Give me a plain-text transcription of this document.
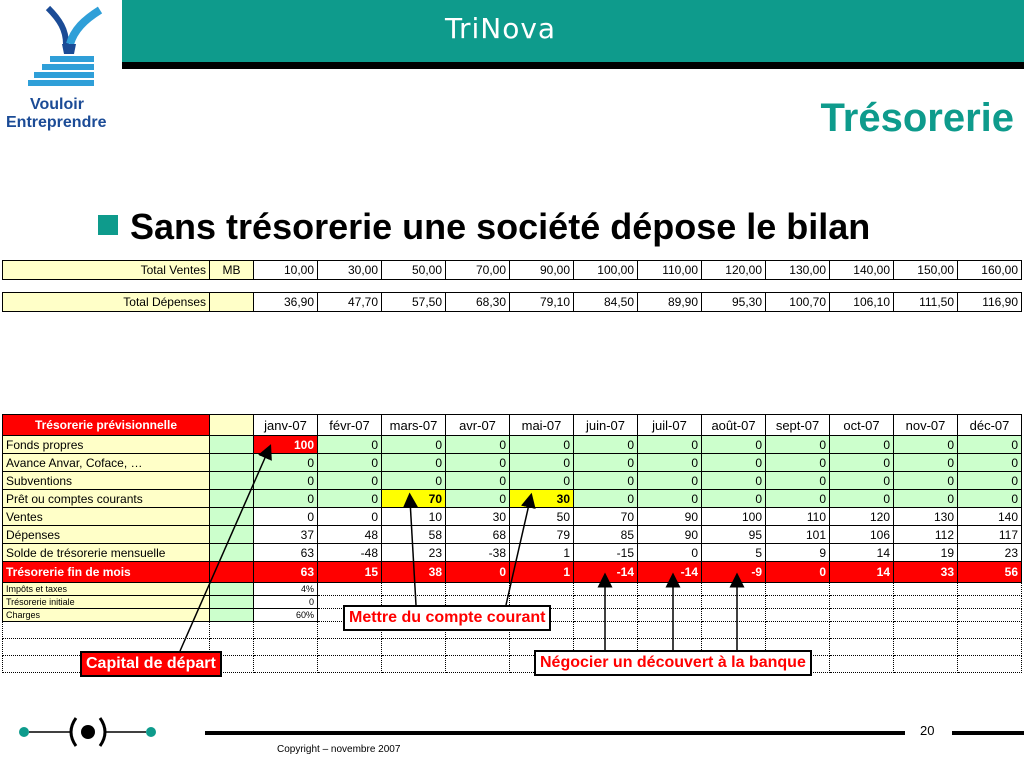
TriNova
Vouloir
Entreprendre	Trésorerie
Sans trésorerie une société dépose le bilan
Total Ventes	MB	10,00	30,00	50,00	70,00	90,00	100,00	110,00	120,00	130,00	140,00	150,00	160,00
Total Dépenses		36,90	47,70	57,50	68,30	79,10	84,50	89,90	95,30	100,70	106,10	111,50	116,90
Trésorerie prévisionnelle		janv-07	févr-07	mars-07	avr-07	mai-07	juin-07	juil-07	août-07	sept-07	oct-07	nov-07	déc-07
Fonds propres		100	0	0	0	0	0	0	0	0	0	0	0
Avance Anvar, Coface, …		0	0	0	0	0	0	0	0	0	0	0	0
Subventions		0	0	0	0	0	0	0	0	0	0	0	0
Prêt ou comptes courants		0	0	70	0	30	0	0	0	0	0	0	0
Ventes		0	0	10	30	50	70	90	100	110	120	130	140
Dépenses		37	48	58	68	79	85	90	95	101	106	112	117
Solde de trésorerie mensuelle		63	-48	23	-38	1	-15	0	5	9	14	19	23
Trésorerie fin de mois		63	15	38	0	1	-14	-14	-9	0	14	33	56
Impôts et taxes		4%											
Trésorerie initiale		0											
Charges		60%											

Capital de départ
Mettre du compte courant
Négocier un découvert à la banque
20
Copyright – novembre 2007
